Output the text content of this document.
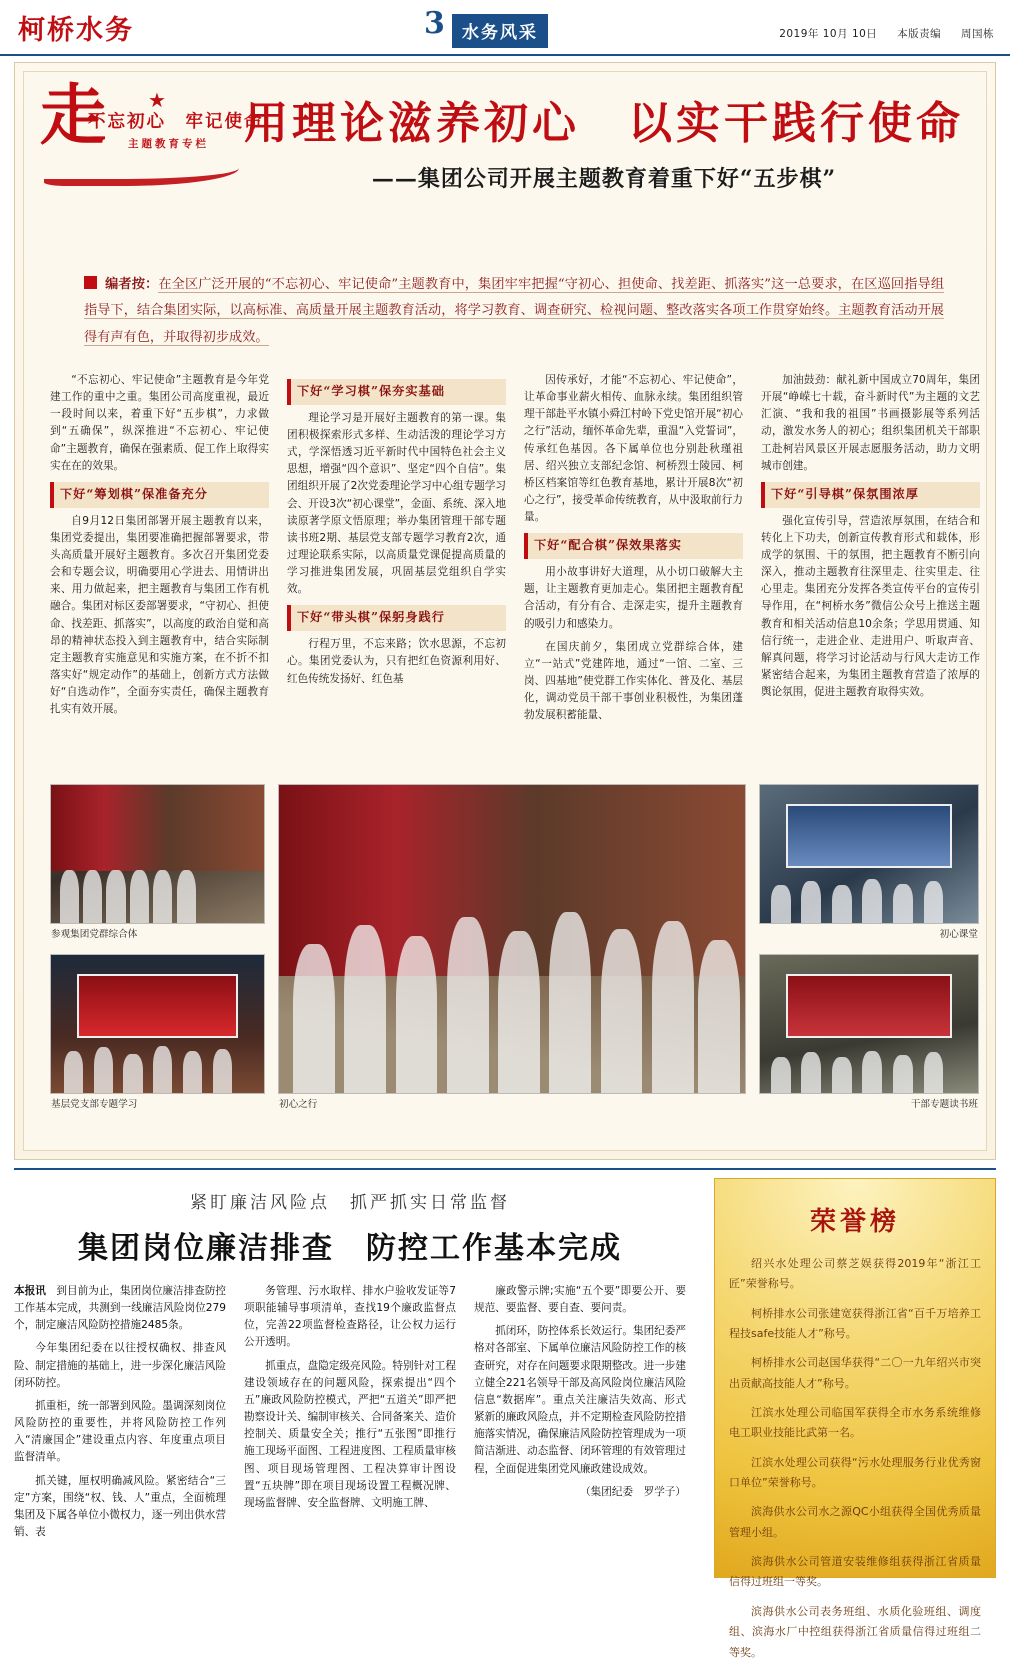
柯桥水务	3	水务风采	2019年 10月 10日 本版责编 周国栋
走 ★
不忘初心　牢记使命
主题教育专栏 用理论滋养初心　以实干践行使命
——集团公司开展主题教育着重下好“五步棋”
编者按：在全区广泛开展的“不忘初心、牢记使命”主题教育中，集团牢牢把握“守初心、担使命、找差距、抓落实”这一总要求，在区巡回指导组指导下，结合集团实际，以高标准、高质量开展主题教育活动，将学习教育、调查研究、检视问题、整改落实各项工作贯穿始终。主题教育活动开展得有声有色，并取得初步成效。

“不忘初心、牢记使命”主题教育是今年党建工作的重中之重。集团公司高度重视，最近一段时间以来，着重下好“五步棋”，力求做到“五确保”，纵深推进“不忘初心、牢记使命”主题教育，确保在强素质、促工作上取得实实在在的效果。

下好“筹划棋”保准备充分

自9月12日集团部署开展主题教育以来，集团党委提出，集团要准确把握部署要求，带头高质量开展好主题教育。多次召开集团党委会和专题会议，明确要用心学进去、用情讲出来、用力做起来，把主题教育与集团工作有机融合。集团对标区委部署要求，“守初心、担使命、找差距、抓落实”，以高度的政治自觉和高昂的精神状态投入到主题教育中，结合实际制定主题教育实施意见和实施方案，在不折不扣落实好“规定动作”的基础上，创新方式方法做好“自选动作”，全面夯实责任，确保主题教育扎实有效开展。

下好“学习棋”保夯实基础

理论学习是开展好主题教育的第一课。集团积极探索形式多样、生动活泼的理论学习方式，学深悟透习近平新时代中国特色社会主义思想，增强“四个意识”、坚定“四个自信”。集团组织开展了2次党委理论学习中心组专题学习会、开设3次“初心课堂”，金面、系统、深入地读原著学原文悟原理；举办集团管理干部专题读书班2期、基层党支部专题学习教育2次，通过理论联系实际，以高质量党课促提高质量的学习推进集团发展，巩固基层党组织自学实效。

下好“带头棋”保躬身践行

行程万里，不忘来路；饮水思源，不忘初心。集团党委认为，只有把红色资源利用好、红色传统发扬好、红色基

因传承好，才能“不忘初心、牢记使命”，让革命事业薪火相传、血脉永续。集团组织管理干部赴平水镇小舜江村岭下党史馆开展“初心之行”活动，缅怀革命先辈，重温“入党誓词”，传承红色基因。各下属单位也分别赴秋瑾祖居、绍兴独立支部纪念馆、柯桥烈士陵园、柯桥区档案馆等红色教育基地，累计开展8次“初心之行”，接受革命传统教育，从中汲取前行力量。

下好“配合棋”保效果落实

用小故事讲好大道理，从小切口破解大主题，让主题教育更加走心。集团把主题教育配合活动，有分有合、走深走实，提升主题教育的吸引力和感染力。

在国庆前夕，集团成立党群综合体，建立“一站式”党建阵地，通过“一馆、二室、三岗、四基地”使党群工作实体化、普及化、基层化，调动党员干部干事创业积极性，为集团蓬勃发展积蓄能量、

加油鼓劲：献礼新中国成立70周年，集团开展“峥嵘七十载，奋斗新时代”为主题的文艺汇演、“我和我的祖国”书画摄影展等系列活动，激发水务人的初心；组织集团机关干部职工赴柯岩风景区开展志愿服务活动，助力文明城市创建。

下好“引导棋”保氛围浓厚

强化宣传引导，营造浓厚氛围，在结合和转化上下功夫，创新宣传教育形式和载体，形成学的氛围、干的氛围，把主题教育不断引向深入，推动主题教育往深里走、往实里走、往心里走。集团充分发挥各类宣传平台的宣传引导作用，在“柯桥水务”微信公众号上推送主题教育和相关活动信息10余条；学思用贯通、知信行统一，走进企业、走进用户、听取声音、解真问题，将学习讨论活动与行风大走访工作紧密结合起来，为集团主题教育营造了浓厚的舆论氛围，促进主题教育取得实效。

参观集团党群综合体
基层党支部专题学习	初心之行
初心课堂
干部专题读书班
紧盯廉洁风险点　抓严抓实日常监督
集团岗位廉洁排查　防控工作基本完成

本报讯　 到目前为止，集团岗位廉洁排查防控工作基本完成，共测到一线廉洁风险岗位279个，制定廉洁风险防控措施2485条。

今年集团纪委在以往授权确权、排查风险、制定措施的基础上，进一步深化廉洁风险闭环防控。

抓重柜，统一部署到风险。墨调深刻岗位风险防控的重要性，并将风险防控工作列入“清廉国企”建设重点内容、年度重点项目监督清单。

抓关键，厘权明确减风险。紧密结合“三定”方案，围绕“权、钱、人”重点，全面梳理集团及下属各单位小微权力，逐一列出供水营销、表

务管理、污水取样、排水户验收发证等7项职能辅导事项清单，查找19个廉政监督点位，完善22项监督检查路径，让公权力运行公开透明。

抓重点，盘隐定级亮风险。特别针对工程建设领域存在的问题风险，探索提出“四个五”廉政风险防控模式，严把“五道关”即严把勘察设计关、编制审核关、合同备案关、造价控制关、质量安全关；推行“五张图”即推行施工现场平面图、工程进度图、工程质量审核图、项目现场管理图、工程决算审计图设置“五块牌”即在项目现场设置工程概况牌、现场监督牌、安全监督牌、文明施工牌、

廉政警示牌;实施“五个要”即要公开、要规范、要监督、要自查、要问责。

抓闭环，防控体系长效运行。集团纪委严格对各部室、下属单位廉洁风险防控工作的核查研究，对存在问题要求限期整改。进一步建立健全221名领导干部及高风险岗位廉洁风险信息“数据库”。重点关注廉洁失效高、形式紧新的廉政风险点，并不定期检查风险防控措施落实情况，确保廉洁风险防控管理成为一项简洁渐进、动态监督、闭环管理的有效管理过程，全面促进集团党风廉政建设成效。

（集团纪委　罗学子）
荣誉榜

绍兴水处理公司蔡芝娱获得2019年“浙江工匠”荣誉称号。

柯桥排水公司张建宽获得浙江省“百千万培养工程技safe技能人才”称号。

柯桥排水公司赵国华获得“二〇一九年绍兴市突出贡献高技能人才”称号。

江滨水处理公司临国军获得全市水务系统维修电工职业技能比武第一名。

江滨水处理公司获得“污水处理服务行业优秀窗口单位”荣誉称号。

滨海供水公司水之源QC小组获得全国优秀质量管理小组。

滨海供水公司管道安装维修组获得浙江省质量信得过班组一等奖。

滨海供水公司表务班组、水质化验班组、调度组、滨海水厂中控组获得浙江省质量信得过班组二等奖。
